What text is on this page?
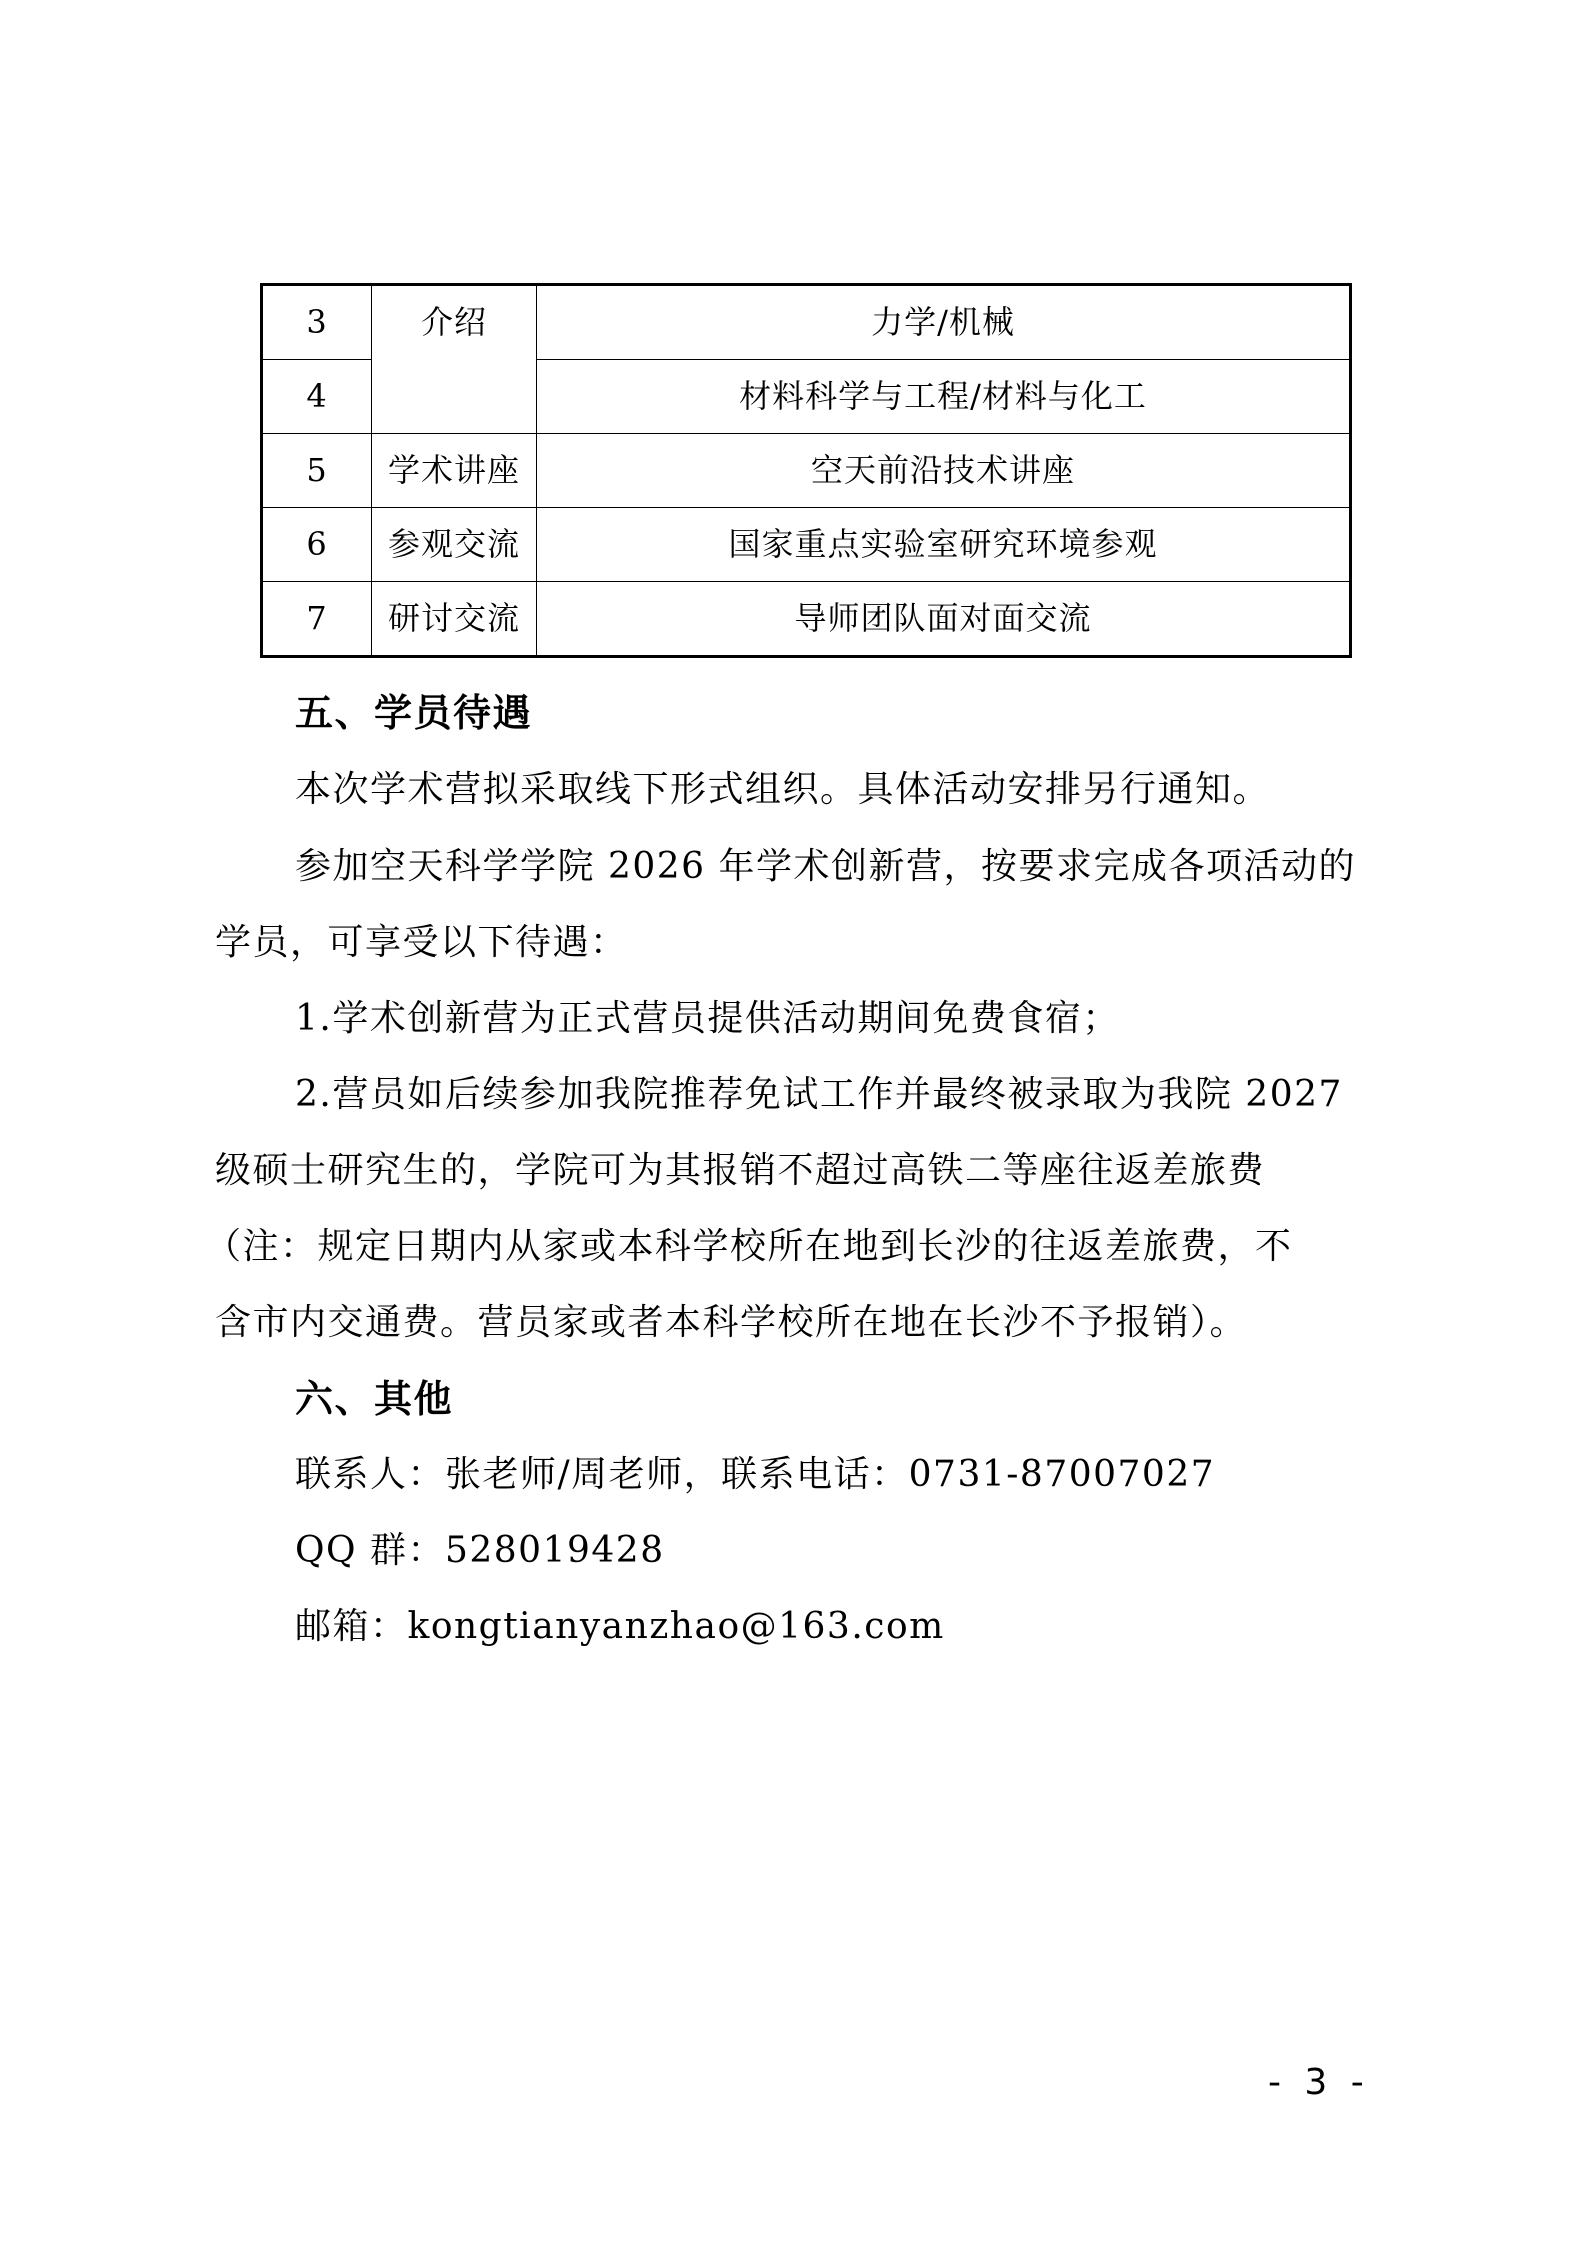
3	介绍	力学/机械
4		材料科学与工程/材料与化工
5	学术讲座	空天前沿技术讲座
6	参观交流	国家重点实验室研究环境参观
7	研讨交流	导师团队面对面交流
五、学员待遇
本次学术营拟采取线下形式组织。具体活动安排另行通知。
参加空天科学学院 2026 年学术创新营，按要求完成各项活动的
学员，可享受以下待遇：
1.学术创新营为正式营员提供活动期间免费食宿；
2.营员如后续参加我院推荐免试工作并最终被录取为我院 2027
级硕士研究生的，学院可为其报销不超过高铁二等座往返差旅费
（注：规定日期内从家或本科学校所在地到长沙的往返差旅费，不
含市内交通费。营员家或者本科学校所在地在长沙不予报销）。
六、其他
联系人：张老师/周老师，联系电话：0731-87007027
QQ 群：528019428
邮箱：kongtianyanzhao@163.com
- 3 -
